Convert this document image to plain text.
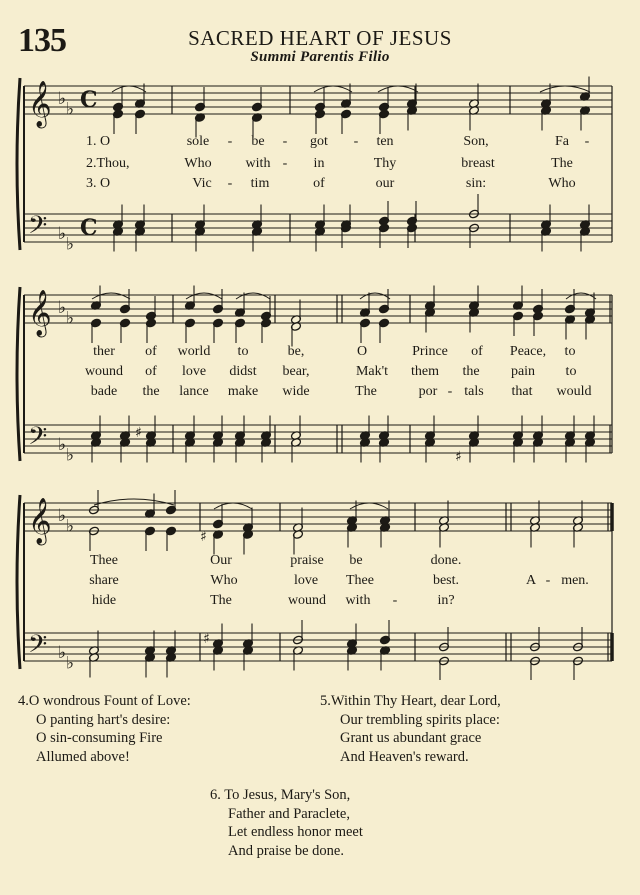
135	SACRED HEART OF JESUS
Summi Parentis Filio
𝄞
𝄢
♭
♭
♭
♭
C
C
𝄞
𝄢
♭
♭
♭
♭
𝄞
𝄢
♭
♭
♭
♭
♯
♯
♯
♯
1. O	sole - be - got - ten	Son,	Fa -
2.Thou,	Who with - in	Thy	breast	The
3. O	Vic - tim	of	our	sin:	Who
ther of world to	be,	O	Prince of Peace, to
wound of love didst bear,	Mak't them the pain to
bade the lance make wide	The	por - tals that would
Thee	Our	praise be	done.
share	Who	love Thee	best.	A - men.
hide	The	wound with -	in?
4.O wondrous Fount of Love:
O panting hart's desire:
O sin-consuming Fire
Allumed above!
5.Within Thy Heart, dear Lord,
Our trembling spirits place:
Grant us abundant grace
And Heaven's reward.
6. To Jesus, Mary's Son,
Father and Paraclete,
Let endless honor meet
And praise be done.
